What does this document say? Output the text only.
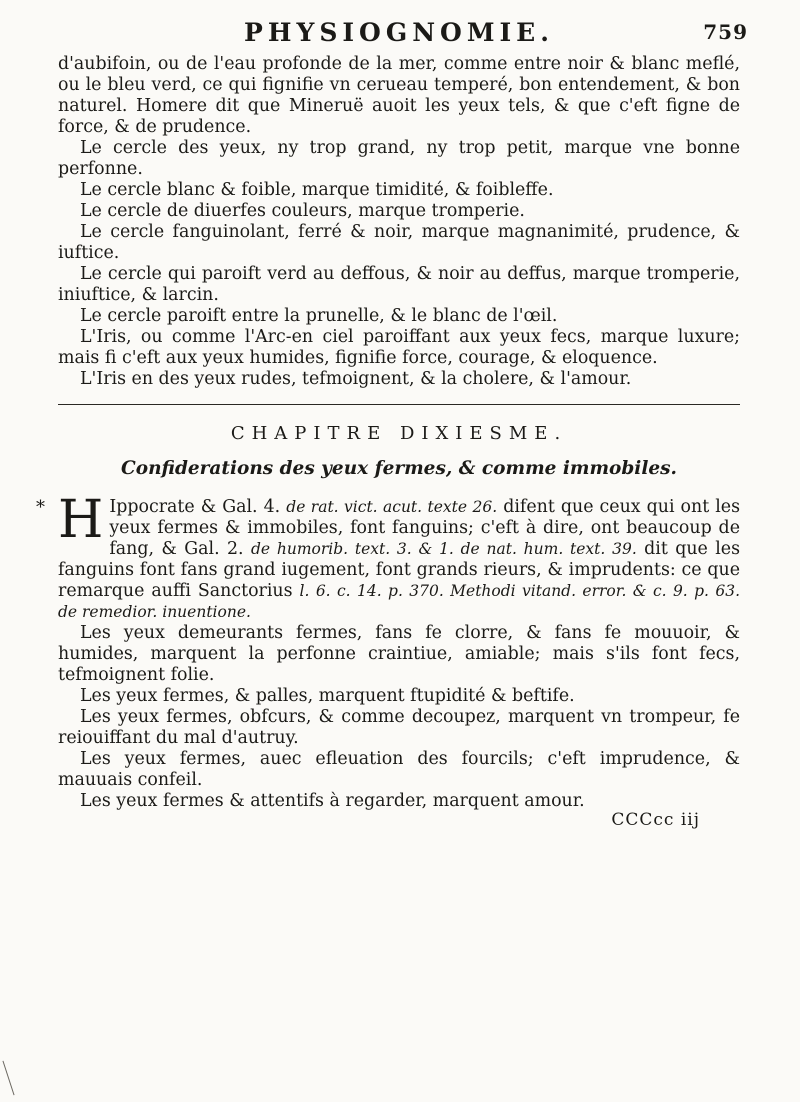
PHYSIOGNOMIE.	759

d'aubifoin, ou de l'eau profonde de la mer, comme entre noir & blanc meflé, ou le bleu verd, ce qui fignifie vn cerueau temperé, bon entendement, & bon naturel. Homere dit que Mineruë auoit les yeux tels, & que c'eft figne de force, & de prudence.

Le cercle des yeux, ny trop grand, ny trop petit, marque vne bonne perfonne.

Le cercle blanc & foible, marque timidité, & foibleffe.

Le cercle de diuerfes couleurs, marque tromperie.

Le cercle fanguinolant, ferré & noir, marque magnanimité, prudence, & iuftice.

Le cercle qui paroift verd au deffous, & noir au deffus, marque tromperie, iniuftice, & larcin.

Le cercle paroift entre la prunelle, & le blanc de l'œil.

L'Iris, ou comme l'Arc-en ciel paroiffant aux yeux fecs, marque luxure; mais fi c'eft aux yeux humides, fignifie force, courage, & eloquence.

L'Iris en des yeux rudes, tefmoignent, & la cholere, & l'amour.

CHAPITRE DIXIESME.
Confiderations des yeux fermes, & comme immobiles.

* H Ippocrate & Gal. 4. de rat. vict. acut. texte 26. difent que ceux qui ont les yeux fermes & immobiles, font fanguins; c'eft à dire, ont beaucoup de fang, & Gal. 2. de humorib. text. 3. & 1. de nat. hum. text. 39. dit que les fanguins font fans grand iugement, font grands rieurs, & imprudents: ce que remarque auffi Sanctorius l. 6. c. 14. p. 370. Methodi vitand. error. & c. 9. p. 63. de remedior. inuentione.

Les yeux demeurants fermes, fans fe clorre, & fans fe mouuoir, & humides, marquent la perfonne craintiue, amiable; mais s'ils font fecs, tefmoignent folie.

Les yeux fermes, & palles, marquent ftupidité & beftife.

Les yeux fermes, obfcurs, & comme decoupez, marquent vn trompeur, fe reiouiffant du mal d'autruy.

Les yeux fermes, auec efleuation des fourcils; c'eft imprudence, & mauuais confeil.

Les yeux fermes & attentifs à regarder, marquent amour.

CCCcc iij
